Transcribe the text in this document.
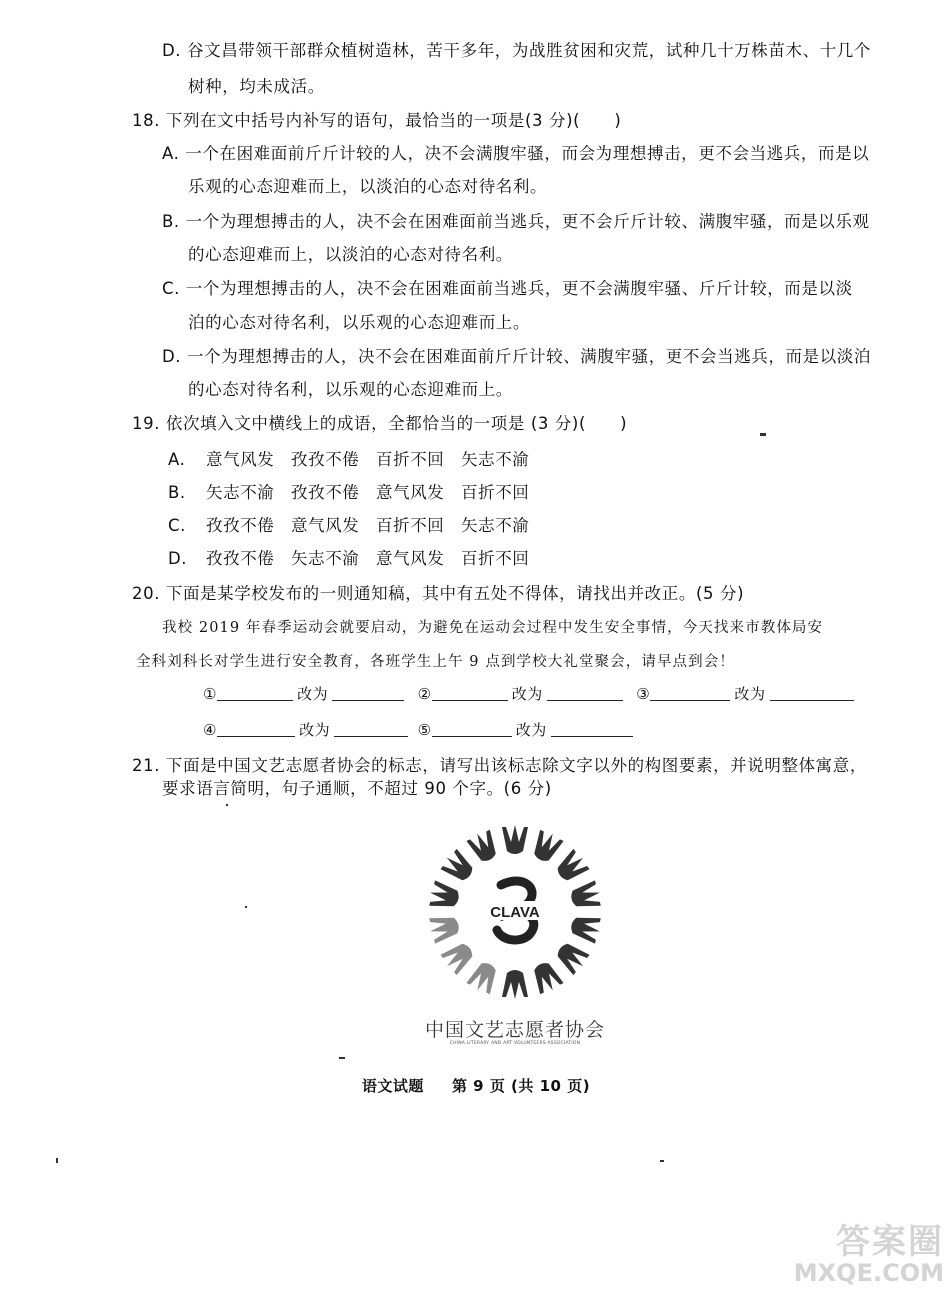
D. 谷文昌带领干部群众植树造林，苦干多年，为战胜贫困和灾荒，试种几十万株苗木、十几个
树种，均未成活。
18. 下列在文中括号内补写的语句，最恰当的一项是(3 分)(　　)
A. 一个在困难面前斤斤计较的人，决不会满腹牢骚，而会为理想搏击，更不会当逃兵，而是以
乐观的心态迎难而上，以淡泊的心态对待名利。
B. 一个为理想搏击的人，决不会在困难面前当逃兵，更不会斤斤计较、满腹牢骚，而是以乐观
的心态迎难而上，以淡泊的心态对待名利。
C. 一个为理想搏击的人，决不会在困难面前当逃兵，更不会满腹牢骚、斤斤计较，而是以淡
泊的心态对待名利，以乐观的心态迎难而上。
D. 一个为理想搏击的人，决不会在困难面前斤斤计较、满腹牢骚，更不会当逃兵，而是以淡泊
的心态对待名利，以乐观的心态迎难而上。
19. 依次填入文中横线上的成语，全都恰当的一项是 (3 分)(　　)
A. 意气风发 孜孜不倦 百折不回 矢志不渝
B. 矢志不渝 孜孜不倦 意气风发 百折不回
C. 孜孜不倦 意气风发 百折不回 矢志不渝
D. 孜孜不倦 矢志不渝 意气风发 百折不回
20. 下面是某学校发布的一则通知稿，其中有五处不得体，请找出并改正。(5 分)
我校 2019 年春季运动会就要启动，为避免在运动会过程中发生安全事情，今天找来市教体局安
全科刘科长对学生进行安全教育，各班学生上午 9 点到学校大礼堂聚会，请早点到会！
①	改为	②	改为	③	改为
④	改为	⑤	改为
21. 下面是中国文艺志愿者协会的标志，请写出该标志除文字以外的构图要素，并说明整体寓意，
要求语言简明，句子通顺，不超过 90 个字。(6 分)
CLAVA
中国文艺志愿者协会
CHINA LITERARY AND ART VOLUNTEERS ASSOCIATION
语文试题 第 9 页 (共 10 页)
答案圈
MXQE.COM
